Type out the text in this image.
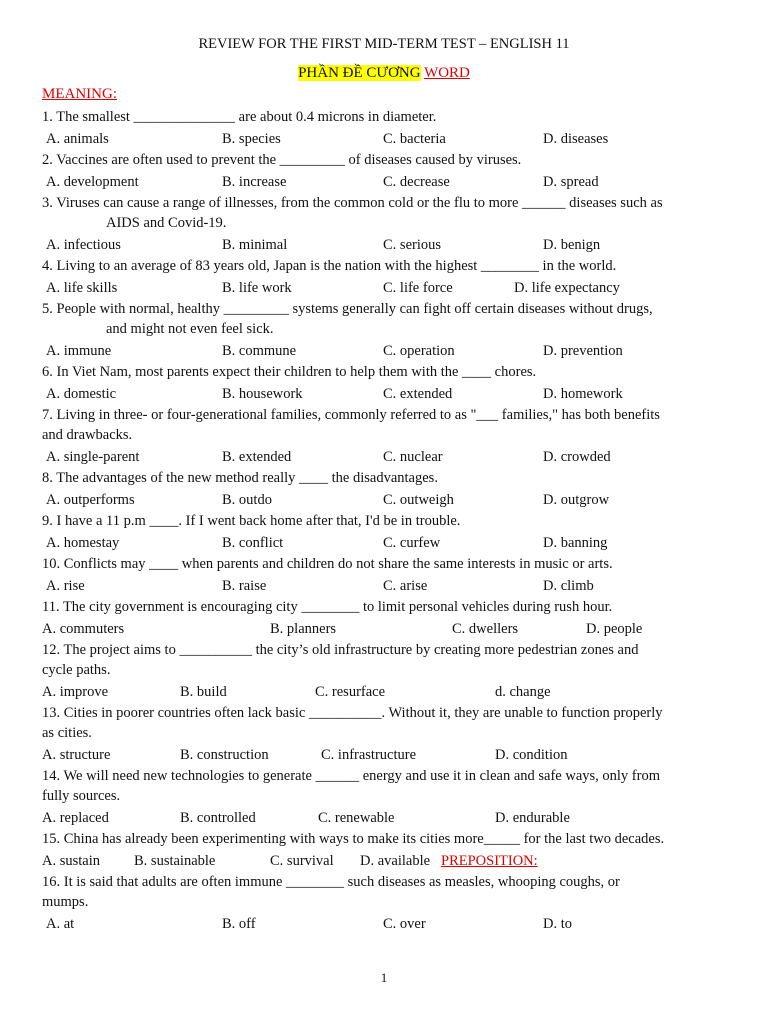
REVIEW FOR THE FIRST MID-TERM TEST – ENGLISH 11
PHẦN ĐỀ CƯƠNG WORD
MEANING:
1. The smallest ______________ are about 0.4 microns in diameter.
A. animals	B. species	C. bacteria	D. diseases
2. Vaccines are often used to prevent the _________ of diseases caused by viruses.
A. development	B. increase	C. decrease	D. spread
3. Viruses can cause a range of illnesses, from the common cold or the flu to more ______ diseases such as
AIDS and Covid-19.
A. infectious	B. minimal	C. serious	D. benign
4. Living to an average of 83 years old, Japan is the nation with the highest ________ in the world.
A. life skills	B. life work	C. life force	D. life expectancy
5. People with normal, healthy _________ systems generally can fight off certain diseases without drugs,
and might not even feel sick.
A. immune	B. commune	C. operation	D. prevention
6. In Viet Nam, most parents expect their children to help them with the ____ chores.
A. domestic	B. housework	C. extended	D. homework
7. Living in three- or four-generational families, commonly referred to as "___ families," has both benefits
and drawbacks.
A. single-parent	B. extended	C. nuclear	D. crowded
8. The advantages of the new method really ____ the disadvantages.
A. outperforms	B. outdo	C. outweigh	D. outgrow
9. I have a 11 p.m ____. If I went back home after that, I'd be in trouble.
A. homestay	B. conflict	C. curfew	D. banning
10. Conflicts may ____ when parents and children do not share the same interests in music or arts.
A. rise	B. raise	C. arise	D. climb
11. The city government is encouraging city ________ to limit personal vehicles during rush hour.
A. commuters	B. planners	C. dwellers	D. people
12. The project aims to __________ the city’s old infrastructure by creating more pedestrian zones and
cycle paths.
A. improve	B. build	C. resurface	d. change
13. Cities in poorer countries often lack basic __________. Without it, they are unable to function properly
as cities.
A. structure	B. construction	C. infrastructure	D. condition
14. We will need new technologies to generate ______ energy and use it in clean and safe ways, only from
fully sources.
A. replaced	B. controlled	C. renewable	D. endurable
15. China has already been experimenting with ways to make its cities more_____ for the last two decades.
A. sustain B. sustainable	C. survival D. available PREPOSITION:
16. It is said that adults are often immune ________ such diseases as measles, whooping coughs, or
mumps.
A. at	B. off	C. over	D. to
1
